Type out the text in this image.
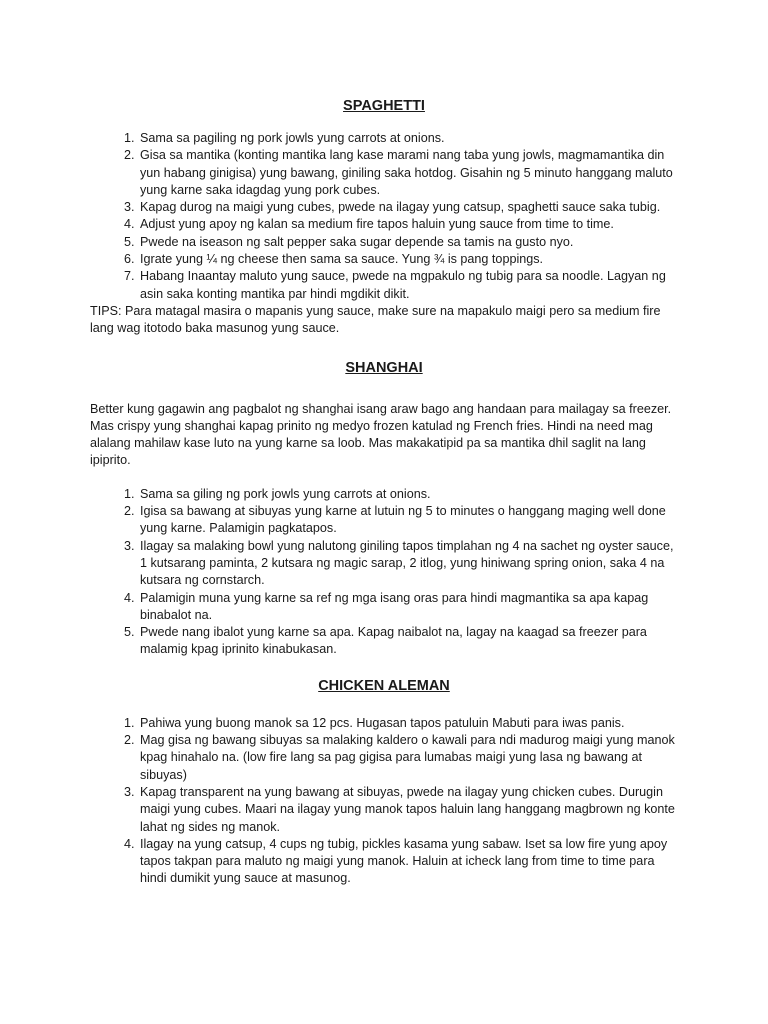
SPAGHETTI
1. Sama sa pagiling ng pork jowls yung carrots at onions.
2. Gisa sa mantika (konting mantika lang kase marami nang taba yung jowls, magmamantika din yun habang ginigisa) yung bawang, giniling saka hotdog. Gisahin ng 5 minuto hanggang maluto yung karne saka idagdag yung pork cubes.
3. Kapag durog na maigi yung cubes, pwede na ilagay yung catsup, spaghetti sauce saka tubig.
4. Adjust yung apoy ng kalan sa medium fire tapos haluin yung sauce from time to time.
5. Pwede na iseason ng salt pepper saka sugar depende sa tamis na gusto nyo.
6. Igrate yung ¼ ng cheese then sama sa sauce. Yung ¾ is pang toppings.
7. Habang Inaantay maluto yung sauce, pwede na mgpakulo ng tubig para sa noodle. Lagyan ng asin saka konting mantika par hindi mgdikit dikit.

TIPS: Para matagal masira o mapanis yung sauce, make sure na mapakulo maigi pero sa medium fire lang wag itotodo baka masunog yung sauce.

SHANGHAI

Better kung gagawin ang pagbalot ng shanghai isang araw bago ang handaan para mailagay sa freezer. Mas crispy yung shanghai kapag prinito ng medyo frozen katulad ng French fries. Hindi na need mag alalang mahilaw kase luto na yung karne sa loob. Mas makakatipid pa sa mantika dhil saglit na lang ipiprito.

1. Sama sa giling ng pork jowls yung carrots at onions.
2. Igisa sa bawang at sibuyas yung karne at lutuin ng 5 to minutes o hanggang maging well done yung karne. Palamigin pagkatapos.
3. Ilagay sa malaking bowl yung nalutong giniling tapos timplahan ng 4 na sachet ng oyster sauce, 1 kutsarang paminta, 2 kutsara ng magic sarap, 2 itlog, yung hiniwang spring onion, saka 4 na kutsara ng cornstarch.
4. Palamigin muna yung karne sa ref ng mga isang oras para hindi magmantika sa apa kapag binabalot na.
5. Pwede nang ibalot yung karne sa apa. Kapag naibalot na, lagay na kaagad sa freezer para malamig kpag iprinito kinabukasan.
CHICKEN ALEMAN
1. Pahiwa yung buong manok sa 12 pcs. Hugasan tapos patuluin Mabuti para iwas panis.
2. Mag gisa ng bawang sibuyas sa malaking kaldero o kawali para ndi madurog maigi yung manok kpag hinahalo na. (low fire lang sa pag gigisa para lumabas maigi yung lasa ng bawang at sibuyas)
3. Kapag transparent na yung bawang at sibuyas, pwede na ilagay yung chicken cubes. Durugin maigi yung cubes. Maari na ilagay yung manok tapos haluin lang hanggang magbrown ng konte lahat ng sides ng manok.
4. Ilagay na yung catsup, 4 cups ng tubig, pickles kasama yung sabaw. Iset sa low fire yung apoy tapos takpan para maluto ng maigi yung manok. Haluin at icheck lang from time to time para hindi dumikit yung sauce at masunog.
